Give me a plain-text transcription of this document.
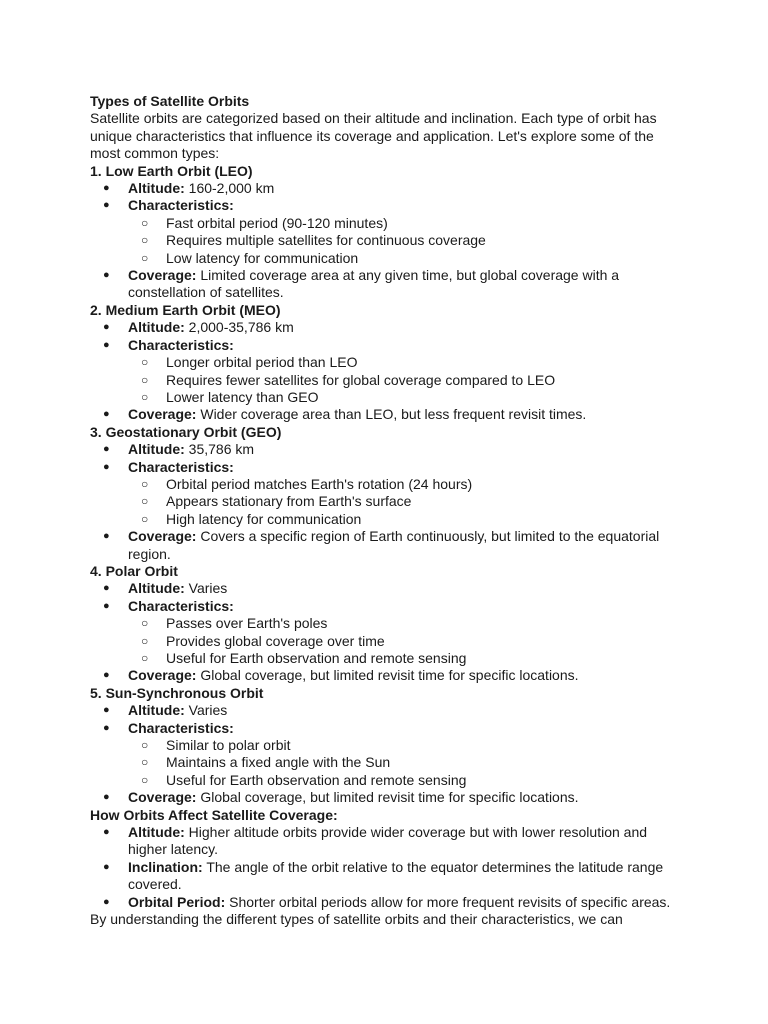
Types of Satellite Orbits

Satellite orbits are categorized based on their altitude and inclination. Each type of orbit has unique characteristics that influence its coverage and application. Let's explore some of the most common types:

1. Low Earth Orbit (LEO)

● Altitude: 160-2,000 km
● Characteristics:
○ Fast orbital period (90-120 minutes)
○ Requires multiple satellites for continuous coverage
○ Low latency for communication
● Coverage: Limited coverage area at any given time, but global coverage with a constellation of satellites.

2. Medium Earth Orbit (MEO)

● Altitude: 2,000-35,786 km
● Characteristics:
○ Longer orbital period than LEO
○ Requires fewer satellites for global coverage compared to LEO
○ Lower latency than GEO
● Coverage: Wider coverage area than LEO, but less frequent revisit times.

3. Geostationary Orbit (GEO)

● Altitude: 35,786 km
● Characteristics:
○ Orbital period matches Earth's rotation (24 hours)
○ Appears stationary from Earth's surface
○ High latency for communication
● Coverage: Covers a specific region of Earth continuously, but limited to the equatorial region.

4. Polar Orbit

● Altitude: Varies
● Characteristics:
○ Passes over Earth's poles
○ Provides global coverage over time
○ Useful for Earth observation and remote sensing
● Coverage: Global coverage, but limited revisit time for specific locations.

5. Sun-Synchronous Orbit

● Altitude: Varies
● Characteristics:
○ Similar to polar orbit
○ Maintains a fixed angle with the Sun
○ Useful for Earth observation and remote sensing
● Coverage: Global coverage, but limited revisit time for specific locations.

How Orbits Affect Satellite Coverage:

● Altitude: Higher altitude orbits provide wider coverage but with lower resolution and higher latency.
● Inclination: The angle of the orbit relative to the equator determines the latitude range covered.
● Orbital Period: Shorter orbital periods allow for more frequent revisits of specific areas.

By understanding the different types of satellite orbits and their characteristics, we can
